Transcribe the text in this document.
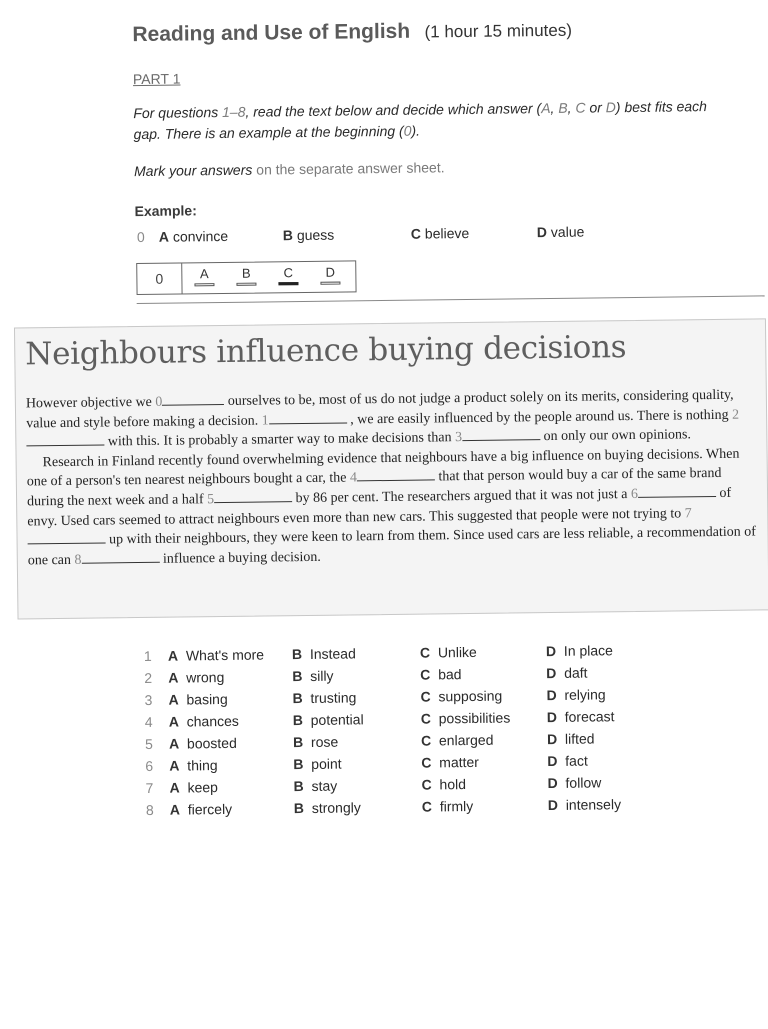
Reading and Use of English (1 hour 15 minutes)
PART 1
For questions 1–8, read the text below and decide which answer (A, B, C or D) best fits each gap. There is an example at the beginning (0).
Mark your answers on the separate answer sheet.
Example:
0 A convince	B guess	C believe	D value
0	A	B	C	D
Neighbours influence buying decisions

However objective we 0	ourselves to be, most of us do not judge a product solely on its merits, considering quality, value and style before making a decision. 1	, we are easily influenced by the people around us. There is nothing 2 with this. It is probably a smarter way to make decisions than 3	on only our own opinions.

Research in Finland recently found overwhelming evidence that neighbours have a big influence on buying decisions. When one of a person's ten nearest neighbours bought a car, the 4	that that person would buy a car of the same brand during the next week and a half 5	by 86 per cent. The researchers argued that it was not just a 6	of envy. Used cars seemed to attract neighbours even more than new cars. This suggested that people were not trying to 7 up with their neighbours, they were keen to learn from them. Since used cars are less reliable, a recommendation of one can 8	influence a buying decision.

1 A What's more B Instead	C Unlike	D In place
2 A wrong	B silly	C bad	D daft
3 A basing	B trusting	C supposing	D relying
4 A chances	B potential	C possibilities	D forecast
5 A boosted	B rose	C enlarged	D lifted
6 A thing	B point	C matter	D fact
7 A keep	B stay	C hold	D follow
8 A fiercely	B strongly	C firmly	D intensely
